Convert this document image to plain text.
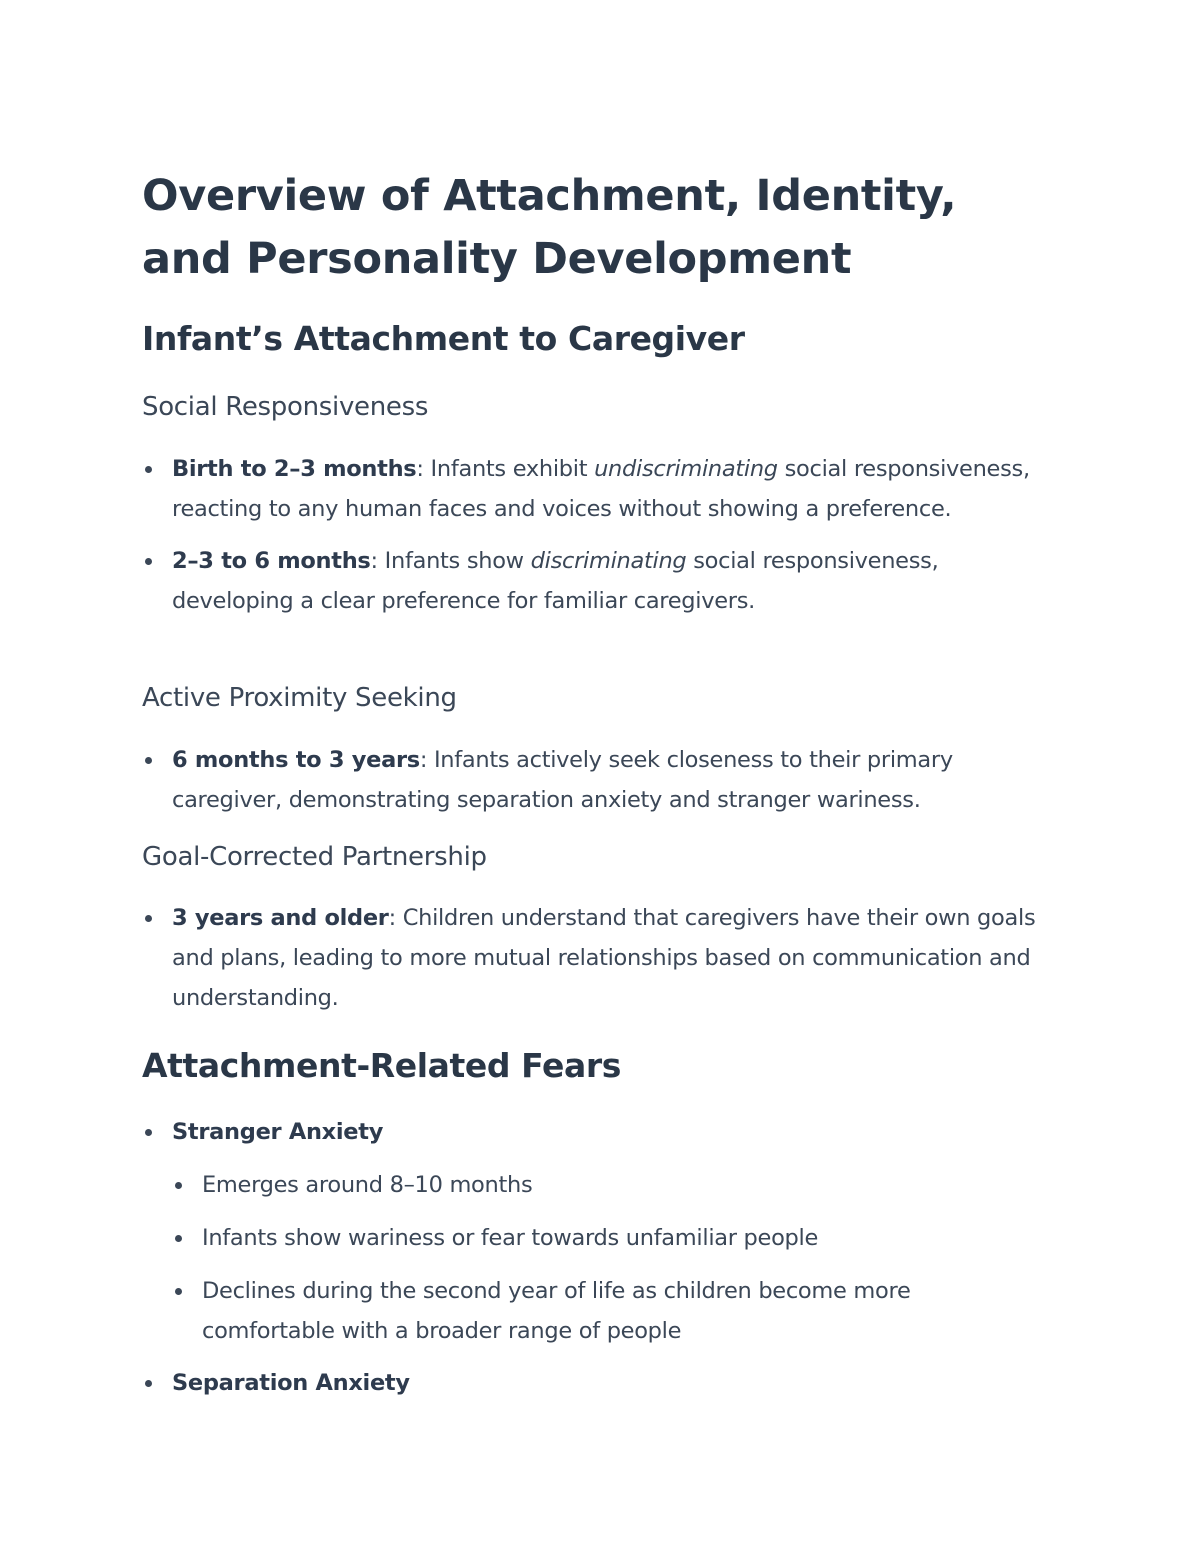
Overview of Attachment, Identity, and Personality Development
Infant’s Attachment to Caregiver
Social Responsiveness
Birth to 2–3 months: Infants exhibit undiscriminating social responsiveness, reacting to any human faces and voices without showing a preference.
2–3 to 6 months: Infants show discriminating social responsiveness, developing a clear preference for familiar caregivers.
Active Proximity Seeking
6 months to 3 years: Infants actively seek closeness to their primary caregiver, demonstrating separation anxiety and stranger wariness.
Goal-Corrected Partnership
3 years and older: Children understand that caregivers have their own goals and plans, leading to more mutual relationships based on communication and understanding.
Attachment-Related Fears
Stranger Anxiety
Emerges around 8–10 months
Infants show wariness or fear towards unfamiliar people
Declines during the second year of life as children become more comfortable with a broader range of people
Separation Anxiety
